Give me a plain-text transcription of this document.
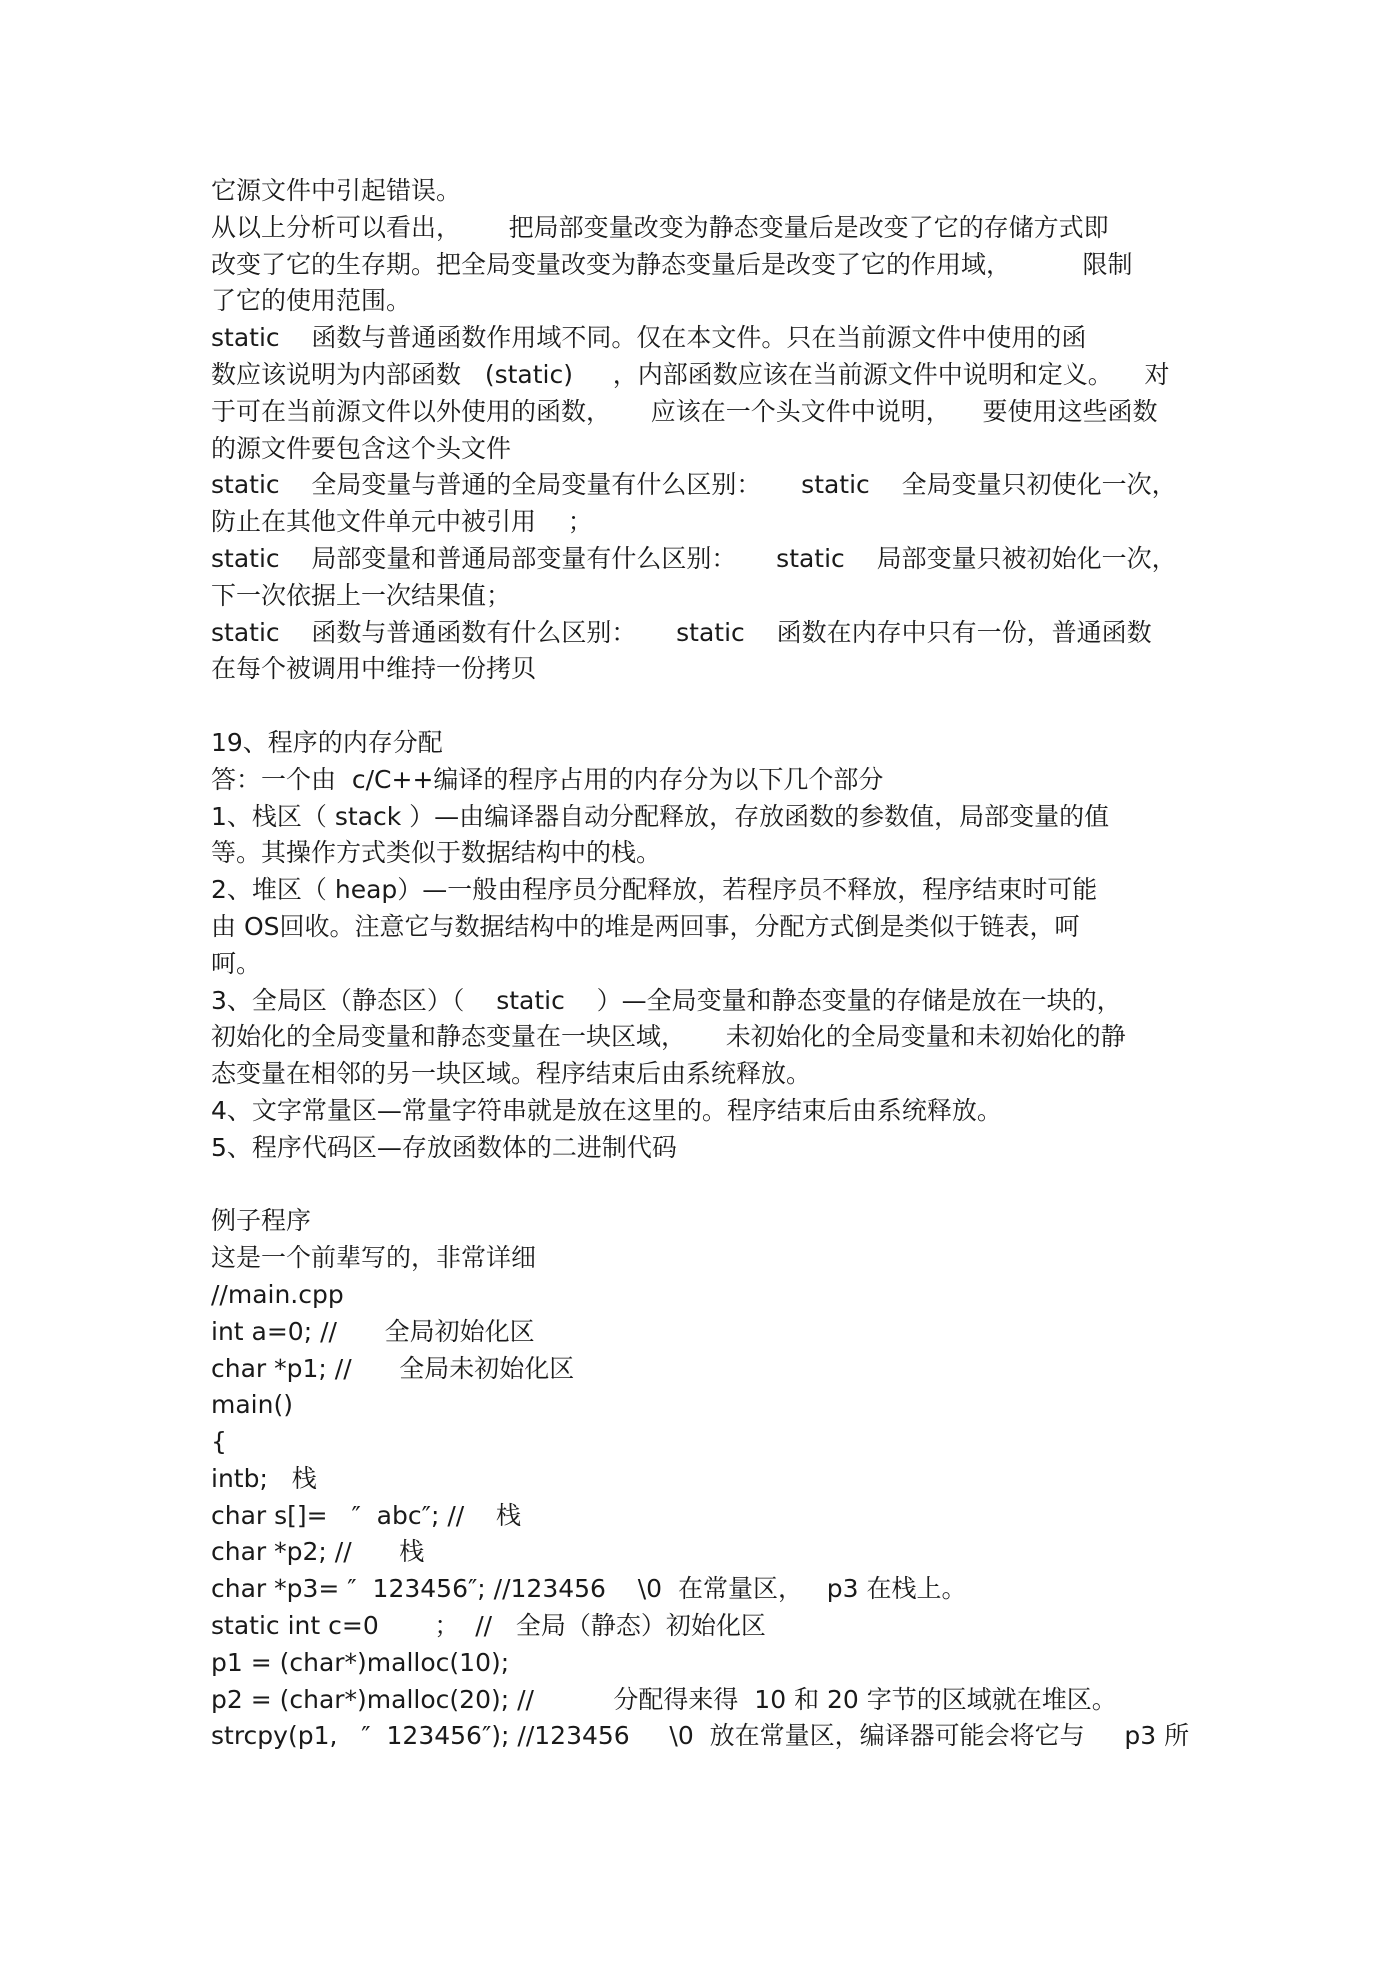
它源文件中引起错误。
从以上分析可以看出，      把局部变量改变为静态变量后是改变了它的存储方式即
改变了它的生存期。把全局变量改变为静态变量后是改变了它的作用域，         限制
了它的使用范围。
static    函数与普通函数作用域不同。仅在本文件。只在当前源文件中使用的函
数应该说明为内部函数   (static)     ，内部函数应该在当前源文件中说明和定义。    对
于可在当前源文件以外使用的函数，     应该在一个头文件中说明，    要使用这些函数
的源文件要包含这个头文件
static    全局变量与普通的全局变量有什么区别：     static    全局变量只初使化一次，
防止在其他文件单元中被引用    ；
static    局部变量和普通局部变量有什么区别：     static    局部变量只被初始化一次，
下一次依据上一次结果值；
static    函数与普通函数有什么区别：     static    函数在内存中只有一份，普通函数
在每个被调用中维持一份拷贝
19、程序的内存分配
答：一个由  c/C++编译的程序占用的内存分为以下几个部分
1、栈区（ stack ）—由编译器自动分配释放，存放函数的参数值，局部变量的值
等。其操作方式类似于数据结构中的栈。
2、堆区（ heap）—一般由程序员分配释放，若程序员不释放，程序结束时可能
由 OS回收。注意它与数据结构中的堆是两回事，分配方式倒是类似于链表，呵
呵。
3、全局区（静态区）（    static    ）—全局变量和静态变量的存储是放在一块的，
初始化的全局变量和静态变量在一块区域，     未初始化的全局变量和未初始化的静
态变量在相邻的另一块区域。程序结束后由系统释放。
4、文字常量区—常量字符串就是放在这里的。程序结束后由系统释放。
5、程序代码区—存放函数体的二进制代码
例子程序
这是一个前辈写的，非常详细
//main.cpp
int a=0; //      全局初始化区
char *p1; //      全局未初始化区
main()
{
intb;   栈
char s[]=   ″  abc″; //    栈
char *p2; //      栈
char *p3= ″  123456″; //123456    \0  在常量区，   p3 在栈上。
static int c=0       ；  //   全局（静态）初始化区
p1 = (char*)malloc(10);
p2 = (char*)malloc(20); //          分配得来得  10 和 20 字节的区域就在堆区。
strcpy(p1,   ″  123456″); //123456     \0  放在常量区，编译器可能会将它与     p3 所
